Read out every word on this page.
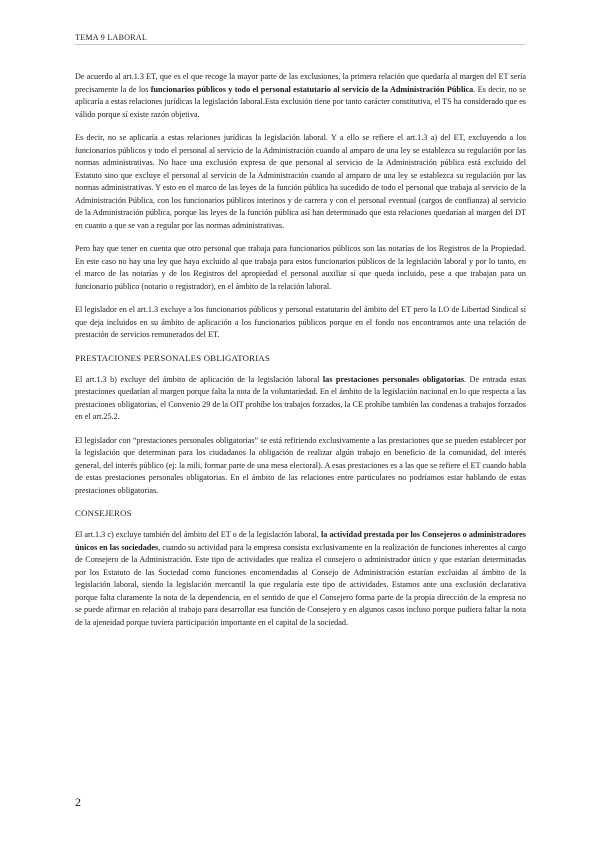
TEMA 9 LABORAL

De acuerdo al art.1.3 ET, que es el que recoge la mayor parte de las exclusiones, la primera relación que quedaría al margen del ET sería precisamente la de los funcionarios públicos y todo el personal estatutario al servicio de la Administración Pública. Es decir, no se aplicaría a estas relaciones jurídicas la legislación laboral.Esta exclusión tiene por tanto carácter constitutiva, el TS ha considerado que es válido porque sí existe razón objetiva.

Es decir, no se aplicaría a estas relaciones jurídicas la legislación laboral. Y a ello se refiere el art.1.3 a) del ET, excluyendo a los funcionarios públicos y todo el personal al servicio de la Administración cuando al amparo de una ley se establezca su regulación por las normas administrativas. No hace una exclusión expresa de que personal al servicio de la Administración pública está excluido del Estatuto sino que excluye el personal al servicio de la Administración cuando al amparo de una ley se establezca su regulación por las normas administrativas. Y esto en el marco de las leyes de la función pública ha sucedido de todo el personal que trabaja al servicio de la Administración Pública, con los funcionarios públicos interinos y de carrera y con el personal eventual (cargos de confianza) al servicio de la Administración pública, porque las leyes de la función pública así han determinado que esta relaciones quedarían al margen del DT en cuanto a que se van a regular por las normas administrativas.

Pero hay que tener en cuenta que otro personal que trabaja para funcionarios públicos son las notarías de los Registros de la Propiedad. En este caso no hay una ley que haya excluido al que trabaja para estos funcionarios públicos de la legislación laboral y por lo tanto, en el marco de las notarías y de los Registros del apropiedad el personal auxiliar sí que queda incluido, pese a que trabajan para un funcionario público (notario o registrador), en el ámbito de la relación laboral.

El legislador en el art.1.3 excluye a los funcionarios públicos y personal estatutario del ámbito del ET pero la LO de Libertad Sindical sí que deja incluidos en su ámbito de aplicación a los funcionarios públicos porque en el fondo nos encontramos ante una relación de prestación de servicios remunerados del ET.

PRESTACIONES PERSONALES OBLIGATORIAS

El art.1.3 b) excluye del ámbito de aplicación de la legislación laboral las prestaciones personales obligatorias. De entrada estas prestaciones quedarían al margen porque falta la nota de la voluntariedad. En el ámbito de la legislación nacional en lo que respecta a las prestaciones obligatorias, el Convenio 29 de la OIT prohíbe los trabajos forzados, la CE prohíbe también las condenas a trabajos forzados en el art.25.2.

El legislador con “prestaciones personales obligatorias” se está refiriendo exclusivamente a las prestaciones que se pueden establecer por la legislación que determinan para los ciudadanos la obligación de realizar algún trabajo en beneficio de la comunidad, del interés general, del interés público (ej: la mili, formar parte de una mesa electoral). A esas prestaciones es a las que se refiere el ET cuando habla de estas prestaciones personales obligatorias. En el ámbito de las relaciones entre particulares no podríamos estar hablando de estas prestaciones obligatorias.

CONSEJEROS

El art.1.3 c) excluye también del ámbito del ET o de la legislación laboral, la actividad prestada por los Consejeros o administradores únicos en las sociedades, cuando su actividad para la empresa consista exclusivamente en la realización de funciones inherentes al cargo de Consejero de la Administración. Este tipo de actividades que realiza el consejero o administrador único y que estarían determinadas por los Estatuto de las Sociedad como funciones encomendadas al Consejo de Administración estarían excluidas al ámbito de la legislación laboral, siendo la legislación mercantil la que regularía este tipo de actividades. Estamos ante una exclusión declarativa porque falta claramente la nota de la dependencia, en el sentido de que el Consejero forma parte de la propia dirección de la empresa no se puede afirmar en relación al trabajo para desarrollar esa función de Consejero y en algunos casos incluso porque pudiera faltar la nota de la ajeneidad porque tuviera participación importante en el capital de la sociedad.

2
